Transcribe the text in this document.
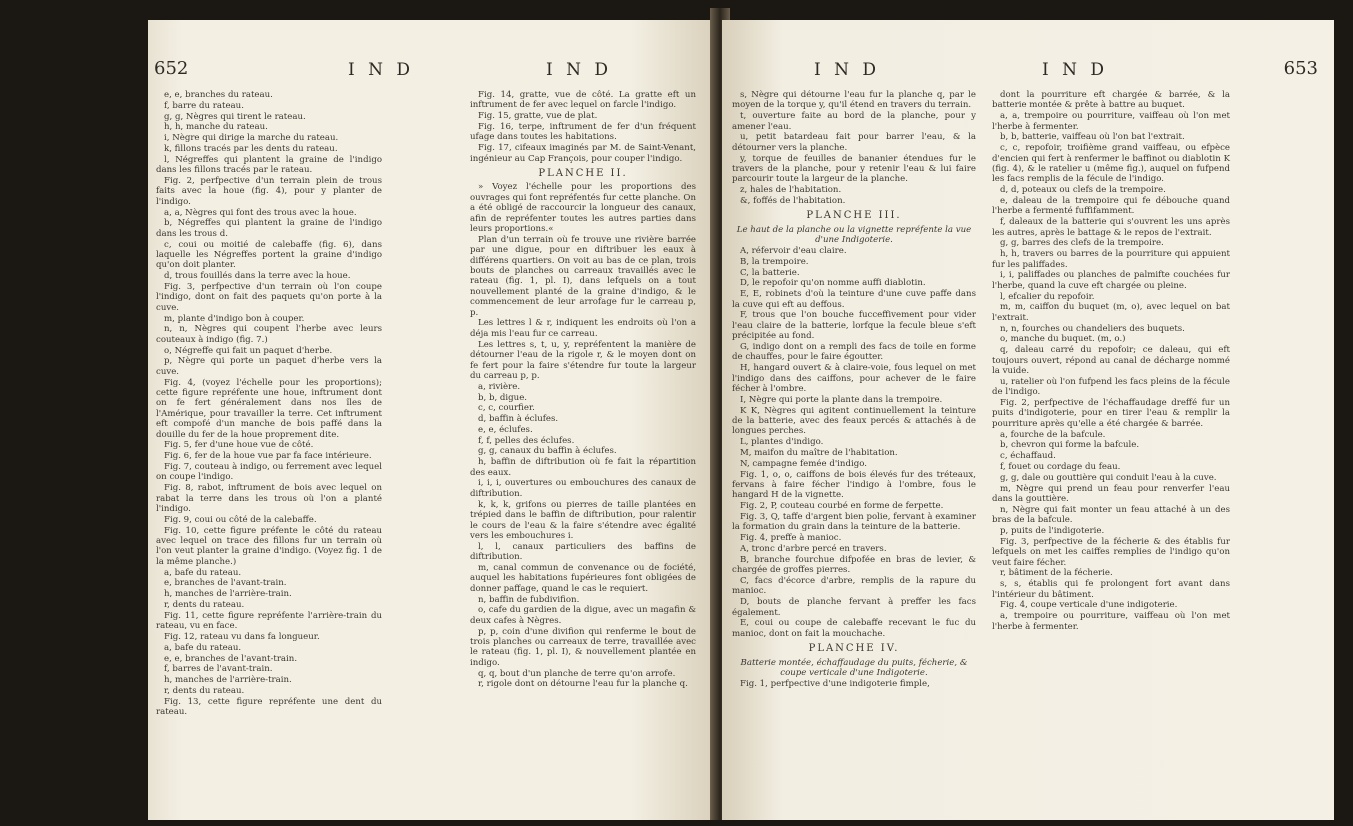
652	I N D

e, e, branches du rateau.

f, barre du rateau.

g, g, Nègres qui tirent le rateau.

h, h, manche du rateau.

i, Nègre qui dirige la marche du rateau.

k, fillons tracés par les dents du rateau.

l, Négreffes qui plantent la graine de l'indigo dans les fillons tracés par le rateau.

Fig. 2, perfpective d'un terrain plein de trous faits avec la houe (fig. 4), pour y planter de l'indigo.

a, a, Nègres qui font des trous avec la houe.

b, Négreffes qui plantent la graine de l'indigo dans les trous d.

c, coui ou moitié de calebaffe (fig. 6), dans laquelle les Négreffes portent la graine d'indigo qu'on doit planter.

d, trous fouillés dans la terre avec la houe.

Fig. 3, perfpective d'un terrain où l'on coupe l'indigo, dont on fait des paquets qu'on porte à la cuve.

m, plante d'indigo bon à couper.

n, n, Nègres qui coupent l'herbe avec leurs couteaux à indigo (fig. 7.)

o, Négreffe qui fait un paquet d'herbe.

p, Nègre qui porte un paquet d'herbe vers la cuve.

Fig. 4, (voyez l'échelle pour les proportions); cette figure repréfente une houe, inftrument dont on fe fert généralement dans nos îles de l'Amérique, pour travailler la terre. Cet inftrument eft compofé d'un manche de bois paffé dans la douille du fer de la houe proprement dite.

Fig. 5, fer d'une houe vue de côté.

Fig. 6, fer de la houe vue par fa face intérieure.

Fig. 7, couteau à indigo, ou ferrement avec lequel on coupe l'indigo.

Fig. 8, rabot, inftrument de bois avec lequel on rabat la terre dans les trous où l'on a planté l'indigo.

Fig. 9, coui ou côté de la calebaffe.

Fig. 10, cette figure préfente le côté du rateau avec lequel on trace des fillons fur un terrain où l'on veut planter la graine d'indigo. (Voyez fig. 1 de la même planche.)

a, bafe du rateau.

e, branches de l'avant-train.

h, manches de l'arrière-train.

r, dents du rateau.

Fig. 11, cette figure repréfente l'arrière-train du rateau, vu en face.

Fig. 12, rateau vu dans fa longueur.

a, bafe du rateau.

e, e, branches de l'avant-train.

f, barres de l'avant-train.

h, manches de l'arrière-train.

r, dents du rateau.

Fig. 13, cette figure repréfente une dent du rateau.

Fig. 14, gratte, vue de côté. La gratte eft un inftrument de fer avec lequel on farcle l'indigo.

Fig. 15, gratte, vue de plat.

Fig. 16, terpe, inftrument de fer d'un fréquent ufage dans toutes les habitations.

Fig. 17, cifeaux imaginés par M. de Saint-Venant, ingénieur au Cap François, pour couper l'indigo.

PLANCHE II.

» Voyez l'échelle pour les proportions des ouvrages qui font repréfentés fur cette planche. On a été obligé de raccourcir la longueur des canaux, afin de repréfenter toutes les autres parties dans leurs proportions.«

Plan d'un terrain où fe trouve une rivière barrée par une digue, pour en diftribuer les eaux à différens quartiers. On voit au bas de ce plan, trois bouts de planches ou carreaux travaillés avec le rateau (fig. 1, pl. I), dans lefquels on a tout nouvellement planté de la graine d'indigo, & le commencement de leur arrofage fur le carreau p, p.

Les lettres l & r, indiquent les endroits où l'on a déja mis l'eau fur ce carreau.

Les lettres s, t, u, y, repréfentent la manière de détourner l'eau de la rigole r, & le moyen dont on fe fert pour la faire s'étendre fur toute la largeur du carreau p, p.

a, rivière.

b, b, digue.

c, c, courfier.

d, baffin à éclufes.

e, e, éclufes.

f, f, pelles des éclufes.

g, g, canaux du baffin à éclufes.

h, baffin de diftribution où fe fait la répartition des eaux.

i, i, i, ouvertures ou embouchures des canaux de diftribution.

k, k, k, grifons ou pierres de taille plantées en trépied dans le baffin de diftribution, pour ralentir le cours de l'eau & la faire s'étendre avec égalité vers les embouchures i.

l, l, canaux particuliers des baffins de diftribution.

m, canal commun de convenance ou de fociété, auquel les habitations fupérieures font obligées de donner paffage, quand le cas le requiert.

n, baffin de fubdivifion.

o, cafe du gardien de la digue, avec un magafin & deux cafes à Nègres.

p, p, coin d'une divifion qui renferme le bout de trois planches ou carreaux de terre, travaillée avec le rateau (fig. 1, pl. I), & nouvellement plantée en indigo.

q, q, bout d'un planche de terre qu'on arrofe.

r, rigole dont on détourne l'eau fur la planche q.

I N D	I N D	I N D	653

s, Nègre qui détourne l'eau fur la planche q, par le moyen de la torque y, qu'il étend en travers du terrain.

t, ouverture faite au bord de la planche, pour y amener l'eau.

u, petit batardeau fait pour barrer l'eau, & la détourner vers la planche.

y, torque de feuilles de bananier étendues fur le travers de la planche, pour y retenir l'eau & lui faire parcourir toute la largeur de la planche.

z, hales de l'habitation.

&, foffés de l'habitation.

PLANCHE III.

Le haut de la planche ou la vignette repréfente la vue d'une Indigoterie.

A, réfervoir d'eau claire.

B, la trempoire.

C, la batterie.

D, le repofoir qu'on nomme auffi diablotin.

E, E, robinets d'où la teinture d'une cuve paffe dans la cuve qui eft au deffous.

F, trous que l'on bouche fucceffivement pour vider l'eau claire de la batterie, lorfque la fecule bleue s'eft précipitée au fond.

G, indigo dont on a rempli des facs de toile en forme de chauffes, pour le faire égoutter.

H, hangard ouvert & à claire-voie, fous lequel on met l'indigo dans des caiffons, pour achever de le faire fécher à l'ombre.

I, Nègre qui porte la plante dans la trempoire.

K K, Nègres qui agitent continuellement la teinture de la batterie, avec des feaux percés & attachés à de longues perches.

L, plantes d'indigo.

M, maifon du maître de l'habitation.

N, campagne femée d'indigo.

Fig. 1, o, o, caiffons de bois élevés fur des tréteaux, fervans à faire fécher l'indigo à l'ombre, fous le hangard H de la vignette.

Fig. 2, P, couteau courbé en forme de ferpette.

Fig. 3, Q, taffe d'argent bien polie, fervant à examiner la formation du grain dans la teinture de la batterie.

Fig. 4, preffe à manioc.

A, tronc d'arbre percé en travers.

B, branche fourchue difpofée en bras de levier, & chargée de groffes pierres.

C, facs d'écorce d'arbre, remplis de la rapure du manioc.

D, bouts de planche fervant à preffer les facs également.

E, coui ou coupe de calebaffe recevant le fuc du manioc, dont on fait la mouchache.

PLANCHE IV.

Batterie montée, échaffaudage du puits, fécherie, & coupe verticale d'une Indigoterie.

Fig. 1, perfpective d'une indigoterie fimple,

dont la pourriture eft chargée & barrée, & la batterie montée & prête à battre au buquet.

a, a, trempoire ou pourriture, vaiffeau où l'on met l'herbe à fermenter.

b, b, batterie, vaiffeau où l'on bat l'extrait.

c, c, repofoir, troifième grand vaiffeau, ou efpèce d'encien qui fert à renfermer le baffinot ou diablotin K (fig. 4), & le ratelier u (même fig.), auquel on fufpend les facs remplis de la fécule de l'indigo.

d, d, poteaux ou clefs de la trempoire.

e, daleau de la trempoire qui fe débouche quand l'herbe a fermenté fuffifamment.

f, daleaux de la batterie qui s'ouvrent les uns après les autres, après le battage & le repos de l'extrait.

g, g, barres des clefs de la trempoire.

h, h, travers ou barres de la pourriture qui appuient fur les paliffades.

i, i, paliffades ou planches de palmifte couchées fur l'herbe, quand la cuve eft chargée ou pleine.

l, efcalier du repofoir.

m, m, caiffon du buquet (m, o), avec lequel on bat l'extrait.

n, n, fourches ou chandeliers des buquets.

o, manche du buquet. (m, o.)

q, daleau carré du repofoir; ce daleau, qui eft toujours ouvert, répond au canal de décharge nommé la vuide.

u, ratelier où l'on fufpend les facs pleins de la fécule de l'indigo.

Fig. 2, perfpective de l'échaffaudage dreffé fur un puits d'indigoterie, pour en tirer l'eau & remplir la pourriture après qu'elle a été chargée & barrée.

a, fourche de la bafcule.

b, chevron qui forme la bafcule.

c, échaffaud.

f, fouet ou cordage du feau.

g, g, dale ou gouttière qui conduit l'eau à la cuve.

m, Nègre qui prend un feau pour renverfer l'eau dans la gouttière.

n, Nègre qui fait monter un feau attaché à un des bras de la bafcule.

p, puits de l'indigoterie.

Fig. 3, perfpective de la fécherie & des établis fur lefquels on met les caiffes remplies de l'indigo qu'on veut faire fécher.

r, bâtiment de la fécherie.

s, s, établis qui fe prolongent fort avant dans l'intérieur du bâtiment.

Fig. 4, coupe verticale d'une indigoterie.

a, trempoire ou pourriture, vaiffeau où l'on met l'herbe à fermenter.
